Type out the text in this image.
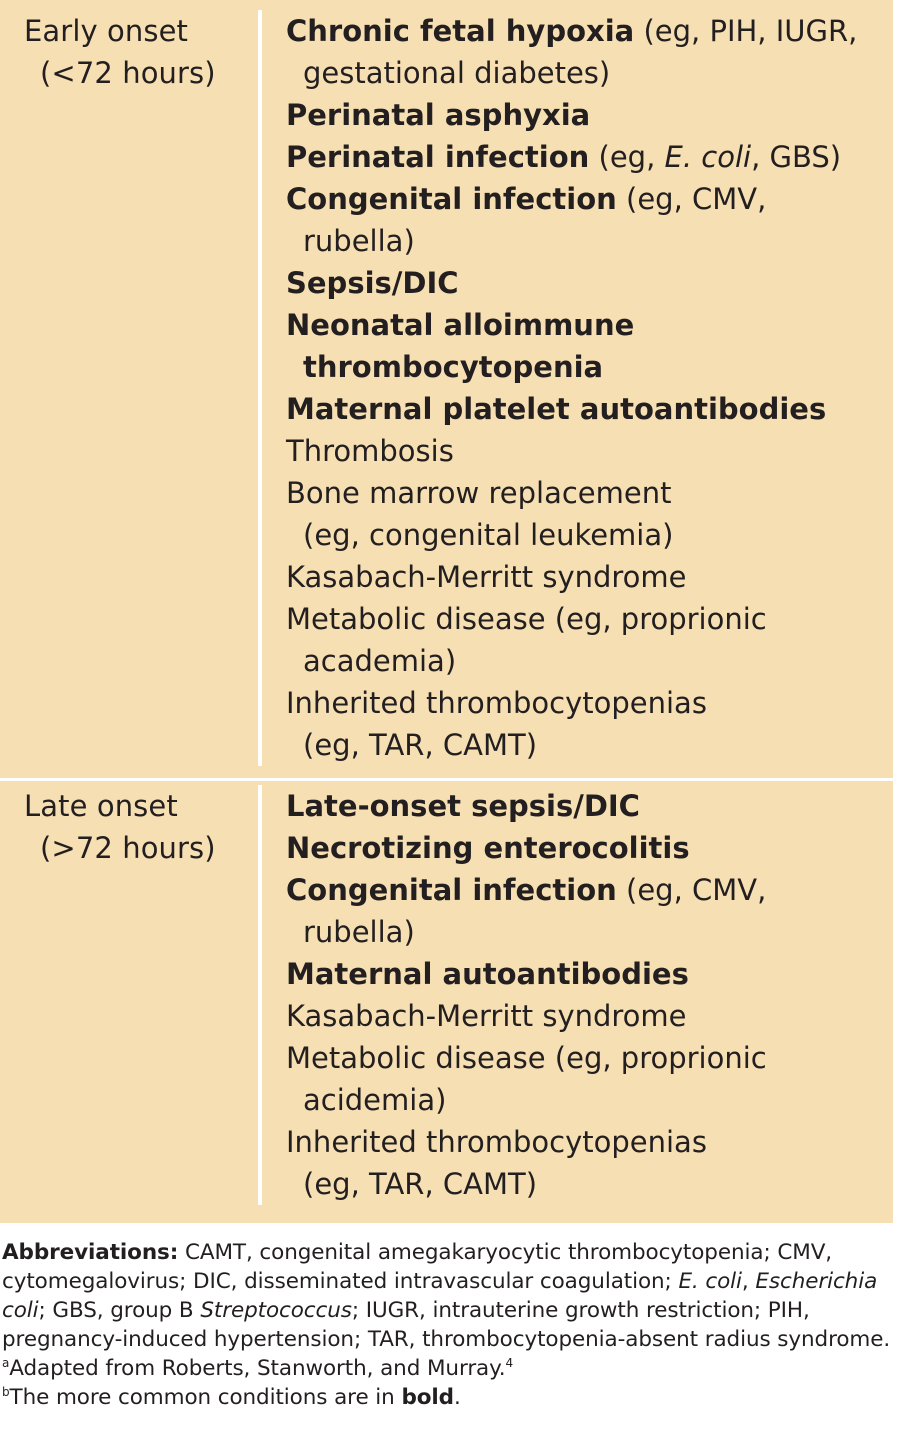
Early onset
(<72 hours)
Chronic fetal hypoxia (eg, PIH, IUGR,
gestational diabetes)
Perinatal asphyxia
Perinatal infection (eg, E. coli, GBS)
Congenital infection (eg, CMV,
rubella)
Sepsis/DIC
Neonatal alloimmune
thrombocytopenia
Maternal platelet autoantibodies
Thrombosis
Bone marrow replacement
(eg, congenital leukemia)
Kasabach-Merritt syndrome
Metabolic disease (eg, proprionic
academia)
Inherited thrombocytopenias
(eg, TAR, CAMT)
Late onset
(>72 hours)
Late-onset sepsis/DIC
Necrotizing enterocolitis
Congenital infection (eg, CMV,
rubella)
Maternal autoantibodies
Kasabach-Merritt syndrome
Metabolic disease (eg, proprionic
acidemia)
Inherited thrombocytopenias
(eg, TAR, CAMT)

Abbreviations: CAMT, congenital amegakaryocytic thrombocytopenia; CMV, cytomegalovirus; DIC, disseminated intravascular coagulation; E. coli, Escherichia coli; GBS, group B Streptococcus; IUGR, intrauterine growth restriction; PIH, pregnancy-induced hypertension; TAR, thrombocytopenia-absent radius syndrome.

$^a$Adapted from Roberts, Stanworth, and Murray.$^4$

$^b$The more common conditions are in bold.
